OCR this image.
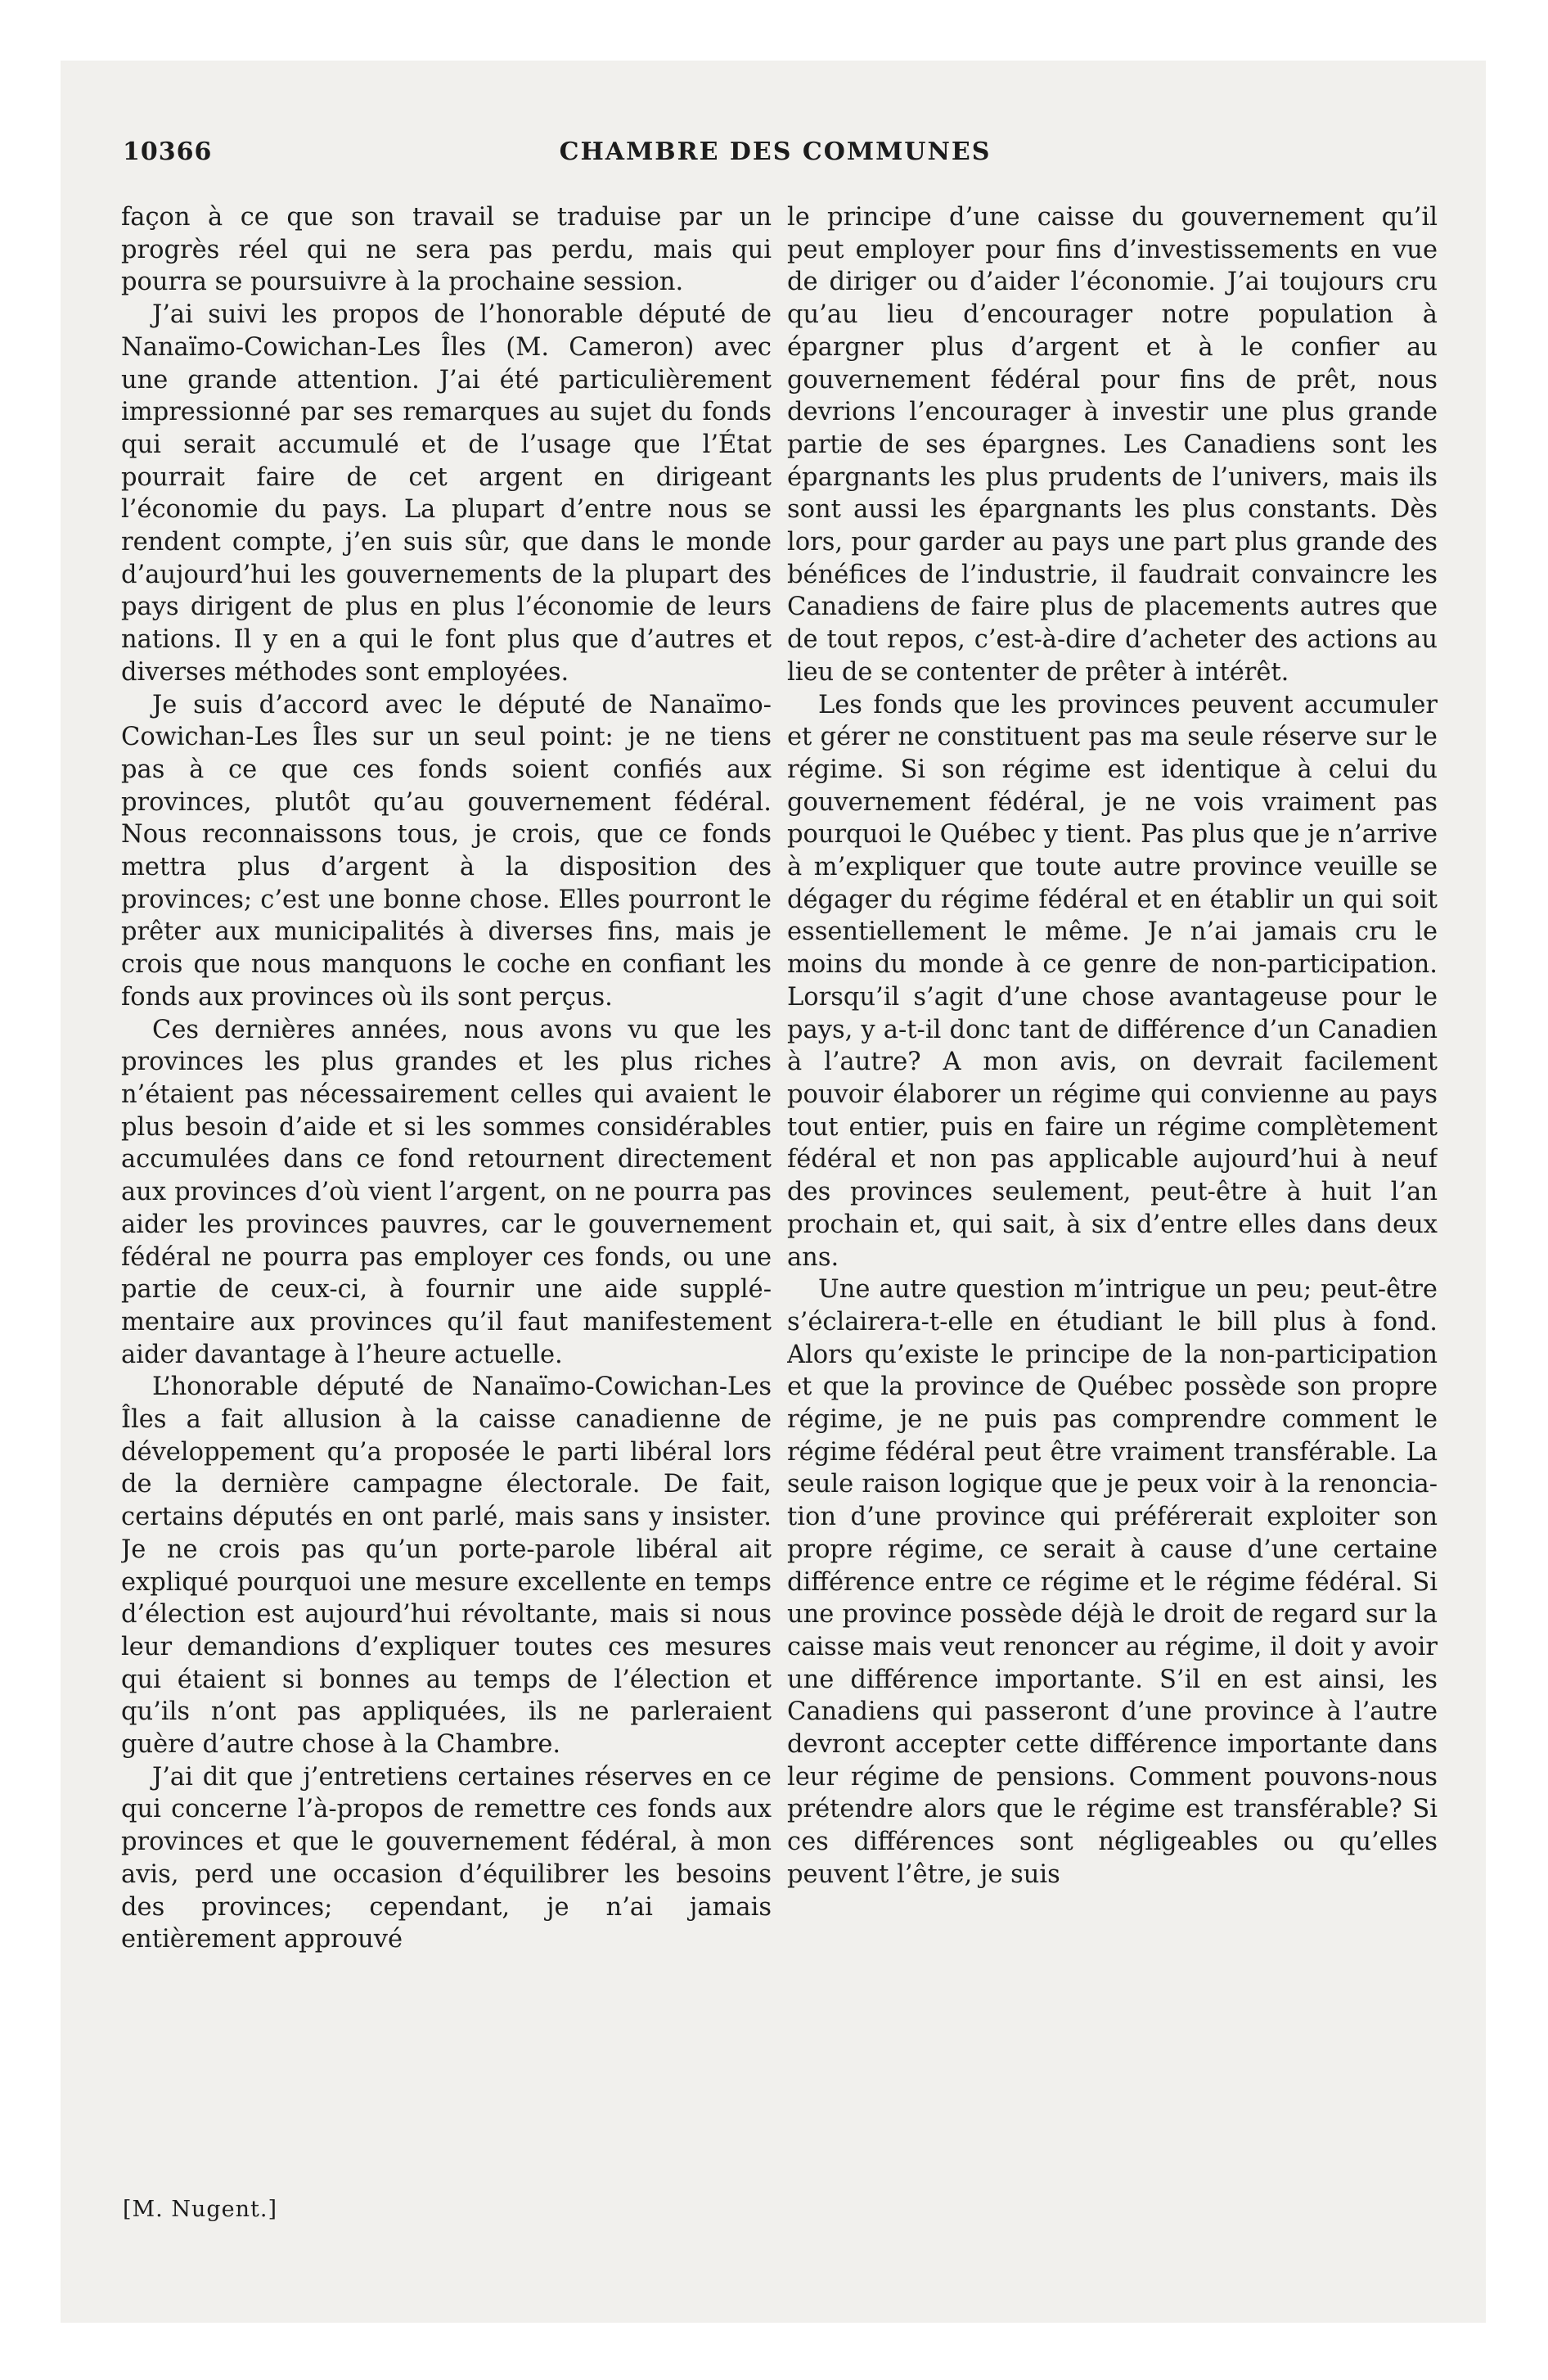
10366	CHAMBRE DES COMMUNES

façon à ce que son travail se traduise par un progrès réel qui ne sera pas perdu, mais qui pourra se poursuivre à la prochaine session.

J’ai suivi les propos de l’honorable député de Nanaïmo-Cowichan-Les Îles (M. Cameron) avec une grande attention. J’ai été particulièrement impressionné par ses remarques au sujet du fonds qui serait accumulé et de l’usage que l’État pourrait faire de cet argent en dirigeant l’économie du pays. La plupart d’entre nous se rendent compte, j’en suis sûr, que dans le monde d’aujourd’hui les gouvernements de la plupart des pays dirigent de plus en plus l’économie de leurs nations. Il y en a qui le font plus que d’autres et diverses méthodes sont employées.

Je suis d’accord avec le député de Nanaïmo-Cowichan-Les Îles sur un seul point: je ne tiens pas à ce que ces fonds soient confiés aux provinces, plutôt qu’au gouvernement fédéral. Nous reconnaissons tous, je crois, que ce fonds mettra plus d’argent à la disposition des provinces; c’est une bonne chose. Elles pourront le prêter aux municipalités à diverses fins, mais je crois que nous manquons le coche en confiant les fonds aux provinces où ils sont perçus.

Ces dernières années, nous avons vu que les provinces les plus grandes et les plus riches n’étaient pas nécessairement celles qui avaient le plus besoin d’aide et si les sommes considérables accumulées dans ce fond retournent directement aux provinces d’où vient l’argent, on ne pourra pas aider les provinces pauvres, car le gouvernement fédéral ne pourra pas employer ces fonds, ou une partie de ceux-ci, à fournir une aide supplémentaire aux provinces qu’il faut manifestement aider davantage à l’heure actuelle.

L’honorable député de Nanaïmo-Cowichan-Les Îles a fait allusion à la caisse canadienne de développement qu’a proposée le parti libéral lors de la dernière campagne électorale. De fait, certains députés en ont parlé, mais sans y insister. Je ne crois pas qu’un porte-parole libéral ait expliqué pourquoi une mesure excellente en temps d’élection est aujourd’hui révoltante, mais si nous leur demandions d’expliquer toutes ces mesures qui étaient si bonnes au temps de l’élection et qu’ils n’ont pas appliquées, ils ne parleraient guère d’autre chose à la Chambre.

J’ai dit que j’entretiens certaines réserves en ce qui concerne l’à-propos de remettre ces fonds aux provinces et que le gouvernement fédéral, à mon avis, perd une occasion d’équilibrer les besoins des provinces; cependant, je n’ai jamais entièrement approuvé

le principe d’une caisse du gouvernement qu’il peut employer pour fins d’investissements en vue de diriger ou d’aider l’économie. J’ai toujours cru qu’au lieu d’encourager notre population à épargner plus d’argent et à le confier au gouvernement fédéral pour fins de prêt, nous devrions l’encourager à investir une plus grande partie de ses épargnes. Les Canadiens sont les épargnants les plus prudents de l’univers, mais ils sont aussi les épargnants les plus constants. Dès lors, pour garder au pays une part plus grande des bénéfices de l’industrie, il faudrait convaincre les Canadiens de faire plus de placements autres que de tout repos, c’est-à-dire d’acheter des actions au lieu de se contenter de prêter à intérêt.

Les fonds que les provinces peuvent accumuler et gérer ne constituent pas ma seule réserve sur le régime. Si son régime est identique à celui du gouvernement fédéral, je ne vois vraiment pas pourquoi le Québec y tient. Pas plus que je n’arrive à m’expliquer que toute autre province veuille se dégager du régime fédéral et en établir un qui soit essentiellement le même. Je n’ai jamais cru le moins du monde à ce genre de non-participation. Lorsqu’il s’agit d’une chose avantageuse pour le pays, y a-t-il donc tant de différence d’un Canadien à l’autre? A mon avis, on devrait facilement pouvoir élaborer un régime qui convienne au pays tout entier, puis en faire un régime complètement fédéral et non pas applicable aujourd’hui à neuf des provinces seulement, peut-être à huit l’an prochain et, qui sait, à six d’entre elles dans deux ans.

Une autre question m’intrigue un peu; peut-être s’éclairera-t-elle en étudiant le bill plus à fond. Alors qu’existe le principe de la non-participation et que la province de Québec possède son propre régime, je ne puis pas comprendre comment le régime fédéral peut être vraiment transférable. La seule raison logique que je peux voir à la renonciation d’une province qui préférerait exploiter son propre régime, ce serait à cause d’une certaine différence entre ce régime et le régime fédéral. Si une province possède déjà le droit de regard sur la caisse mais veut renoncer au régime, il doit y avoir une différence importante. S’il en est ainsi, les Canadiens qui passeront d’une province à l’autre devront accepter cette différence importante dans leur régime de pensions. Comment pouvons-nous prétendre alors que le régime est transférable? Si ces différences sont négligeables ou qu’elles peuvent l’être, je suis

[M. Nugent.]
